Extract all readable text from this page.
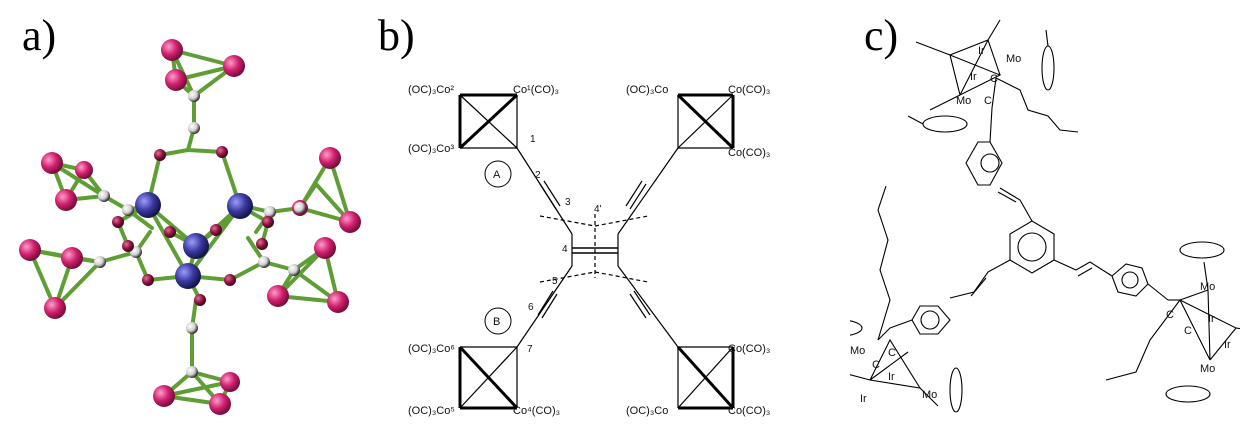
a)	b)
(OC)₃Co²	Co¹(CO)₃
(OC)₃Co³
(OC)₃Co	Co(CO)₃
Co(CO)₃
(OC)₃Co⁶
(OC)₃Co⁵	Co⁴(CO)₃
Co(CO)₃
(OC)₃Co	Co(CO)₃
1
2
3
4'
4
5
6
7
A
B
c)	Ir
Ir
Mo
Mo
C
C
Mo
Ir
Ir	Mo
C
C
Mo
Ir
Ir
Mo
C
C
